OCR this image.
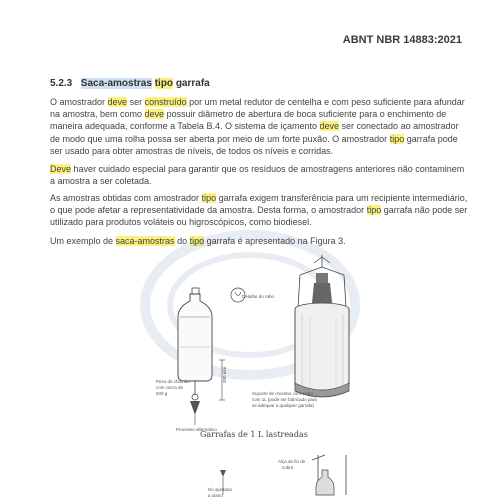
ABNT NBR 14883:2021
5.2.3 Saca-amostras tipo garrafa

O amostrador deve ser construído por um metal redutor de centelha e com peso suficiente para afundar na amostra, bem como deve possuir diâmetro de abertura de boca suficiente para o enchimento de maneira adequada, conforme a Tabela B.4. O sistema de içamento deve ser conectado ao amostrador de modo que uma rolha possa ser aberta por meio de um forte puxão. O amostrador tipo garrafa pode ser usado para obter amostras de níveis, de todos os níveis e corridas.

Deve haver cuidado especial para garantir que os resíduos de amostragens anteriores não contaminem a amostra a ser coletada.

As amostras obtidas com amostrador tipo garrafa exigem transferência para um recipiente intermediário, o que pode afetar a representatividade da amostra. Desta forma, o amostrador tipo garrafa não pode ser utilizado para produtos voláteis ou higroscópicos, como biodiesel.

Um exemplo de saca-amostras do tipo garrafa é apresentado na Figura 3.

Detalhe do rabo
Peso de chumbo
com cerca de
500 g
300 mm
Suporte de chumbo com cesto
com 1L (pode ser fabricado para
se adequar a qualquer garrafa)
Processo alternativo
Alça de fio de
cobre
Nó ajustado
a ulano
Garrafas de 1 L lastreadas
